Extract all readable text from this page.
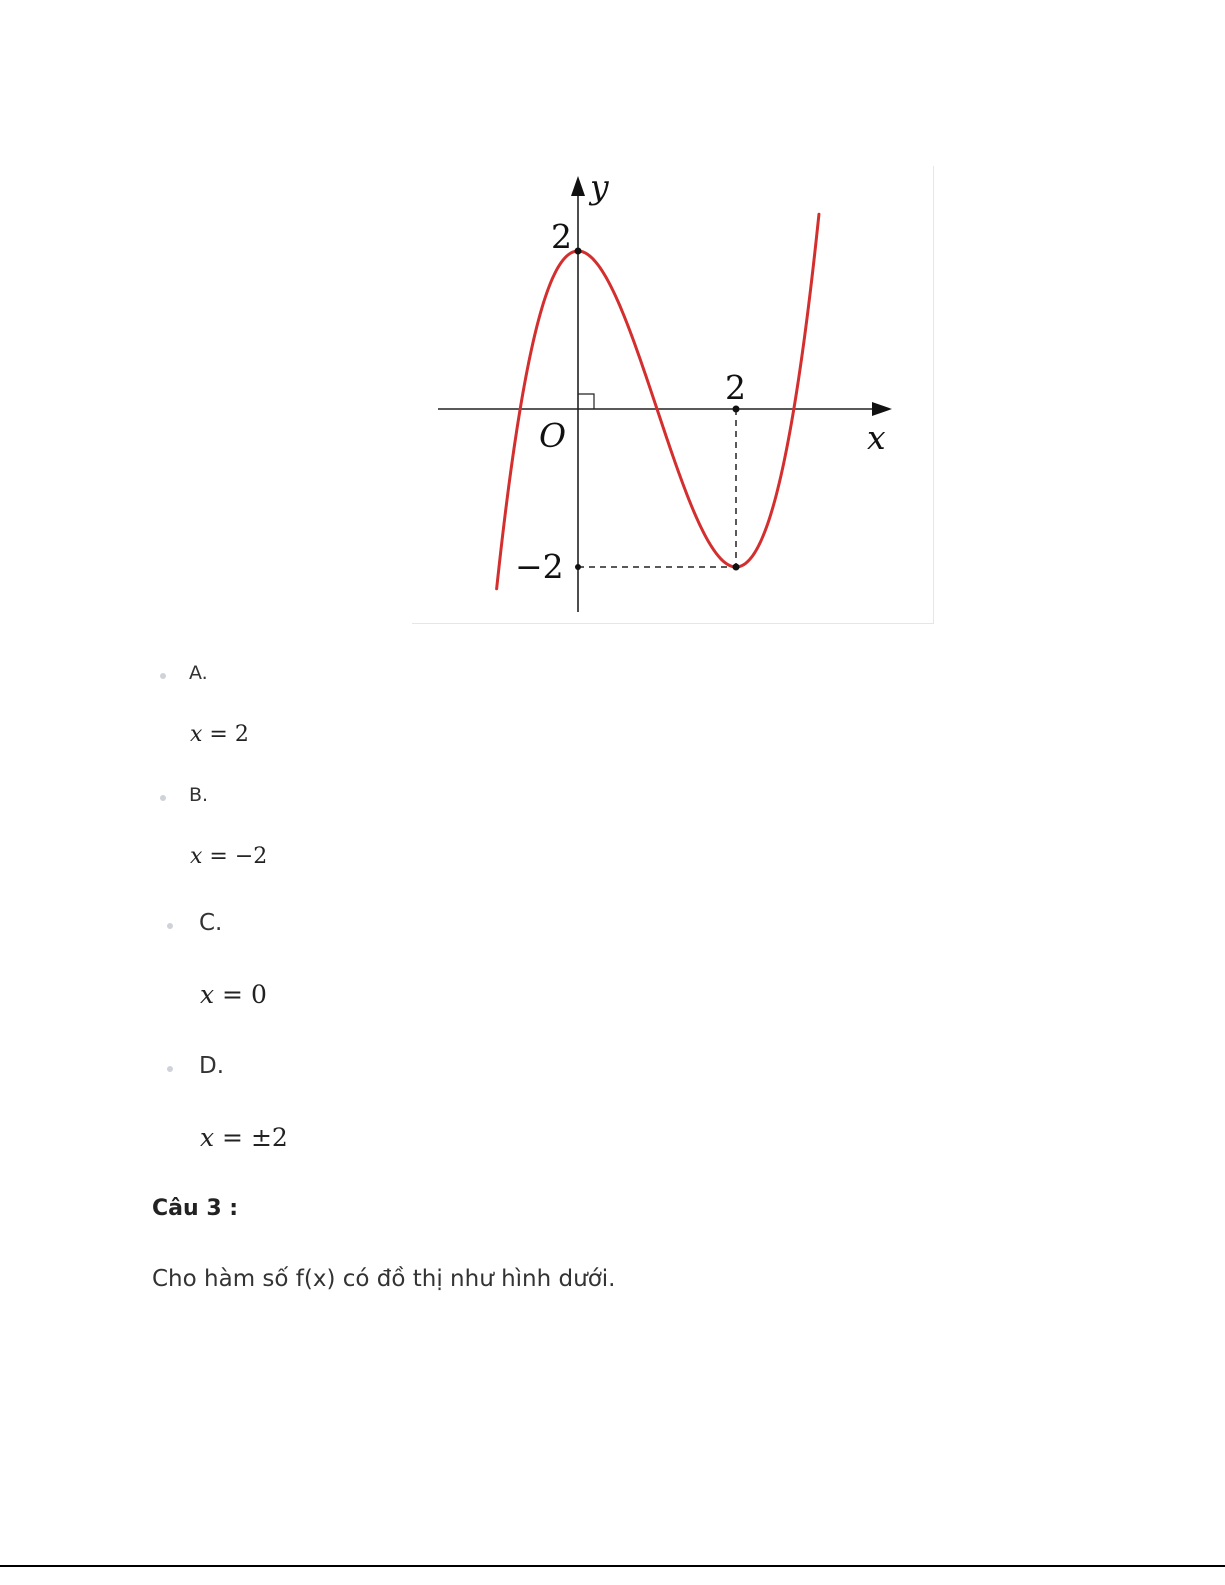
y
x
O
2
2
−2
A.
x = 2
B.
x = −2
C.
x = 0
D.
x = ±2
Câu 3 :
Cho hàm số f(x) có đồ thị như hình dưới.
